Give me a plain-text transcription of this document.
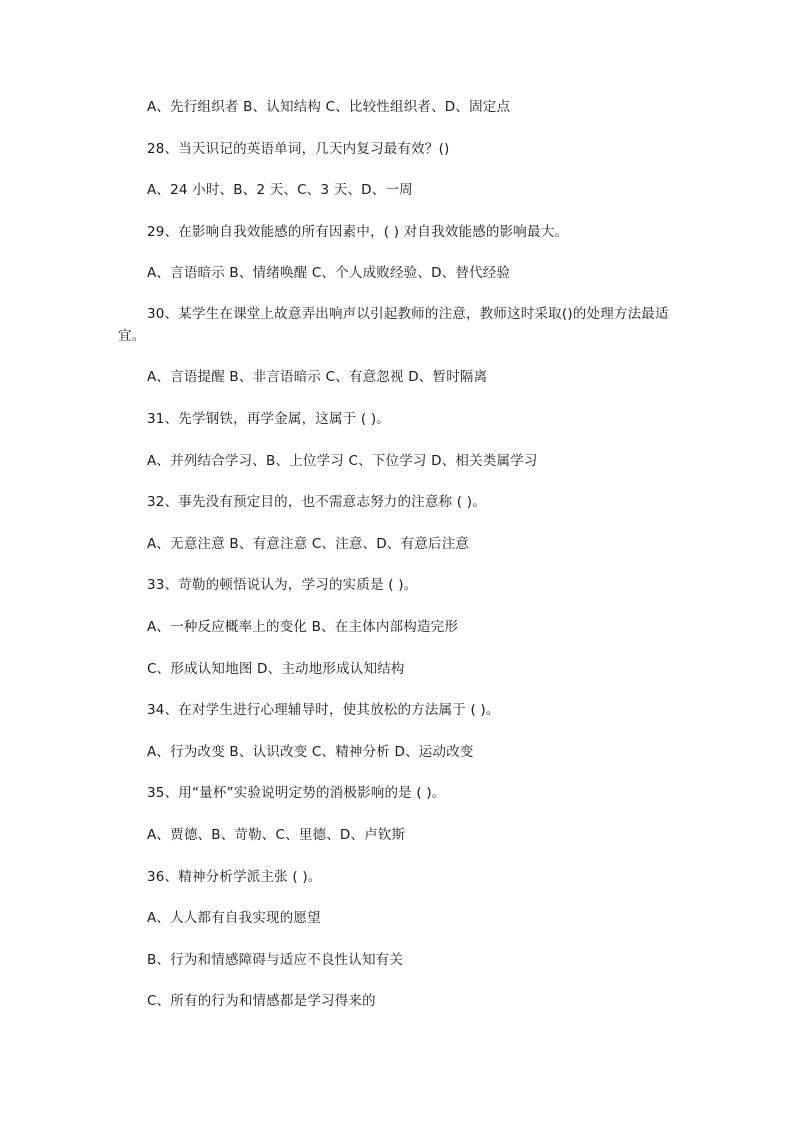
A、先行组织者 B、认知结构 C、比较性组织者、D、固定点
28、当天识记的英语单词，几天内复习最有效？()
A、24 小时、B、2 天、C、3 天、D、一周
29、在影响自我效能感的所有因素中，( ) 对自我效能感的影响最大。
A、言语暗示 B、情绪唤醒 C、个人成败经验、D、替代经验
30、某学生在课堂上故意弄出响声以引起教师的注意，教师这时采取()的处理方法最适宜。
A、言语提醒 B、非言语暗示 C、有意忽视 D、暂时隔离
31、先学钢铁，再学金属，这属于 ( )。
A、并列结合学习、B、上位学习 C、下位学习 D、相关类属学习
32、事先没有预定目的，也不需意志努力的注意称 ( )。
A、无意注意 B、有意注意 C、注意、D、有意后注意
33、苛勒的顿悟说认为，学习的实质是 ( )。
A、一种反应概率上的变化 B、在主体内部构造完形
C、形成认知地图 D、主动地形成认知结构
34、在对学生进行心理辅导时，使其放松的方法属于 ( )。
A、行为改变 B、认识改变 C、精神分析 D、运动改变
35、用“量杯”实验说明定势的消极影响的是 ( )。
A、贾德、B、苛勒、C、里德、D、卢钦斯
36、精神分析学派主张 ( )。
A、人人都有自我实现的愿望
B、行为和情感障碍与适应不良性认知有关
C、所有的行为和情感都是学习得来的
